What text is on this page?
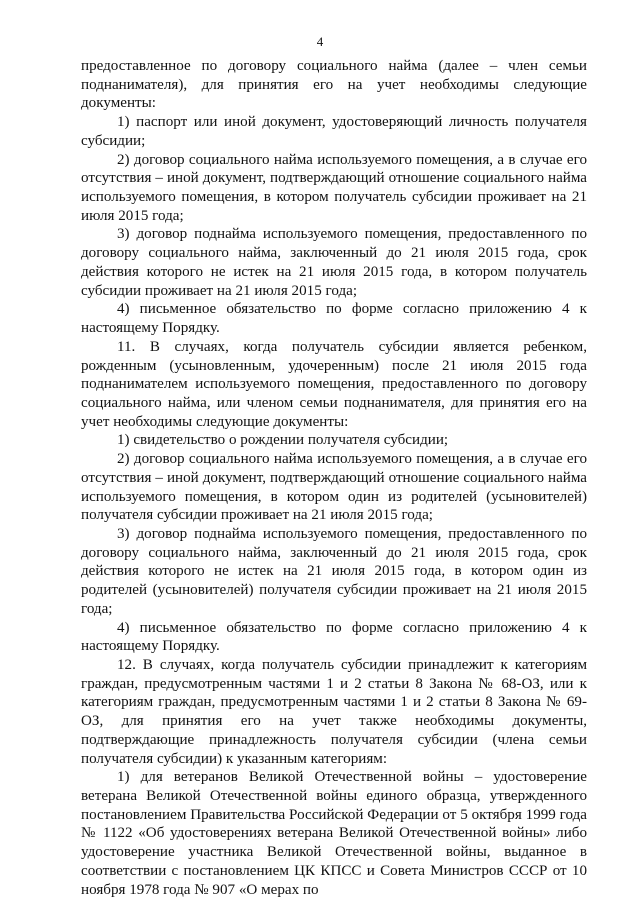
4

предоставленное по договору социального найма (далее – член семьи поднанимателя), для принятия его на учет необходимы следующие документы:

1) паспорт или иной документ, удостоверяющий личность получателя субсидии;

2) договор социального найма используемого помещения, а в случае его отсутствия – иной документ, подтверждающий отношение социального найма используемого помещения, в котором получатель субсидии проживает на 21 июля 2015 года;

3) договор поднайма используемого помещения, предоставленного по договору социального найма, заключенный до 21 июля 2015 года, срок действия которого не истек на 21 июля 2015 года, в котором получатель субсидии проживает на 21 июля 2015 года;

4) письменное обязательство по форме согласно приложению 4 к настоящему Порядку.

11. В случаях, когда получатель субсидии является ребенком, рожденным (усыновленным, удочеренным) после 21 июля 2015 года поднанимателем используемого помещения, предоставленного по договору социального найма, или членом семьи поднанимателя, для принятия его на учет необходимы следующие документы:

1) свидетельство о рождении получателя субсидии;

2) договор социального найма используемого помещения, а в случае его отсутствия – иной документ, подтверждающий отношение социального найма используемого помещения, в котором один из родителей (усыновителей) получателя субсидии проживает на 21 июля 2015 года;

3) договор поднайма используемого помещения, предоставленного по договору социального найма, заключенный до 21 июля 2015 года, срок действия которого не истек на 21 июля 2015 года, в котором один из родителей (усыновителей) получателя субсидии проживает на 21 июля 2015 года;

4) письменное обязательство по форме согласно приложению 4 к настоящему Порядку.

12. В случаях, когда получатель субсидии принадлежит к категориям граждан, предусмотренным частями 1 и 2 статьи 8 Закона № 68-ОЗ, или к категориям граждан, предусмотренным частями 1 и 2 статьи 8 Закона № 69-ОЗ, для принятия его на учет также необходимы документы, подтверждающие принадлежность получателя субсидии (члена семьи получателя субсидии) к указанным категориям:

1) для ветеранов Великой Отечественной войны – удостоверение ветерана Великой Отечественной войны единого образца, утвержденного постановлением Правительства Российской Федерации от 5 октября 1999 года № 1122 «Об удостоверениях ветерана Великой Отечественной войны» либо удостоверение участника Великой Отечественной войны, выданное в соответствии с постановлением ЦК КПСС и Совета Министров СССР от 10 ноября 1978 года № 907 «О мерах по
